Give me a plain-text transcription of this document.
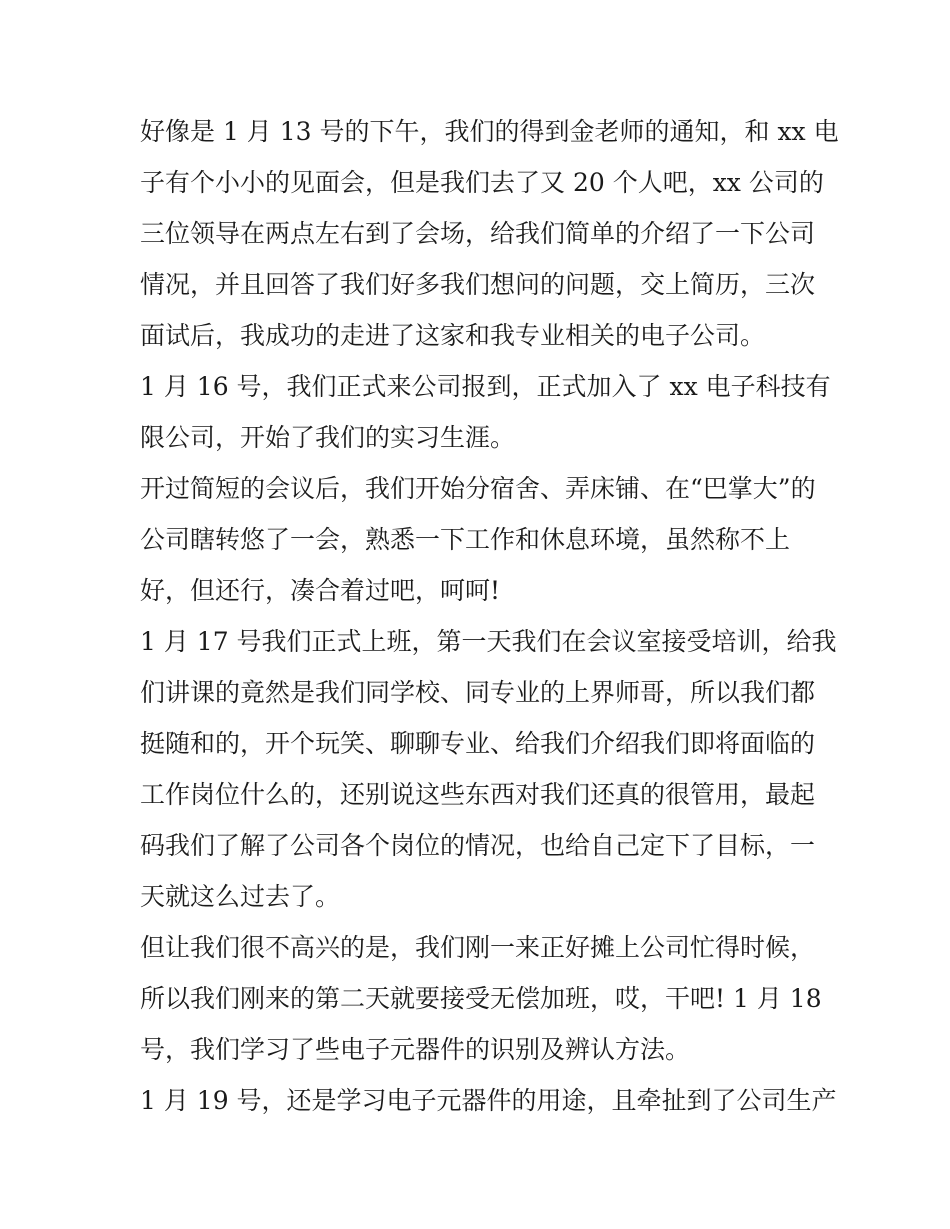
好像是 1 月 13 号的下午，我们的得到金老师的通知，和 xx 电
子有个小小的见面会，但是我们去了又 20 个人吧，xx 公司的
三位领导在两点左右到了会场，给我们简单的介绍了一下公司
情况，并且回答了我们好多我们想问的问题，交上简历，三次
面试后，我成功的走进了这家和我专业相关的电子公司。
1 月 16 号，我们正式来公司报到，正式加入了 xx 电子科技有
限公司，开始了我们的实习生涯。
开过简短的会议后，我们开始分宿舍、弄床铺、在“巴掌大”的
公司瞎转悠了一会，熟悉一下工作和休息环境，虽然称不上
好，但还行，凑合着过吧，呵呵!
1 月 17 号我们正式上班，第一天我们在会议室接受培训，给我
们讲课的竟然是我们同学校、同专业的上界师哥，所以我们都
挺随和的，开个玩笑、聊聊专业、给我们介绍我们即将面临的
工作岗位什么的，还别说这些东西对我们还真的很管用，最起
码我们了解了公司各个岗位的情况，也给自己定下了目标，一
天就这么过去了。
但让我们很不高兴的是，我们刚一来正好摊上公司忙得时候，
所以我们刚来的第二天就要接受无偿加班，哎，干吧! 1 月 18
号，我们学习了些电子元器件的识别及辨认方法。
1 月 19 号，还是学习电子元器件的用途，且牵扯到了公司生产
